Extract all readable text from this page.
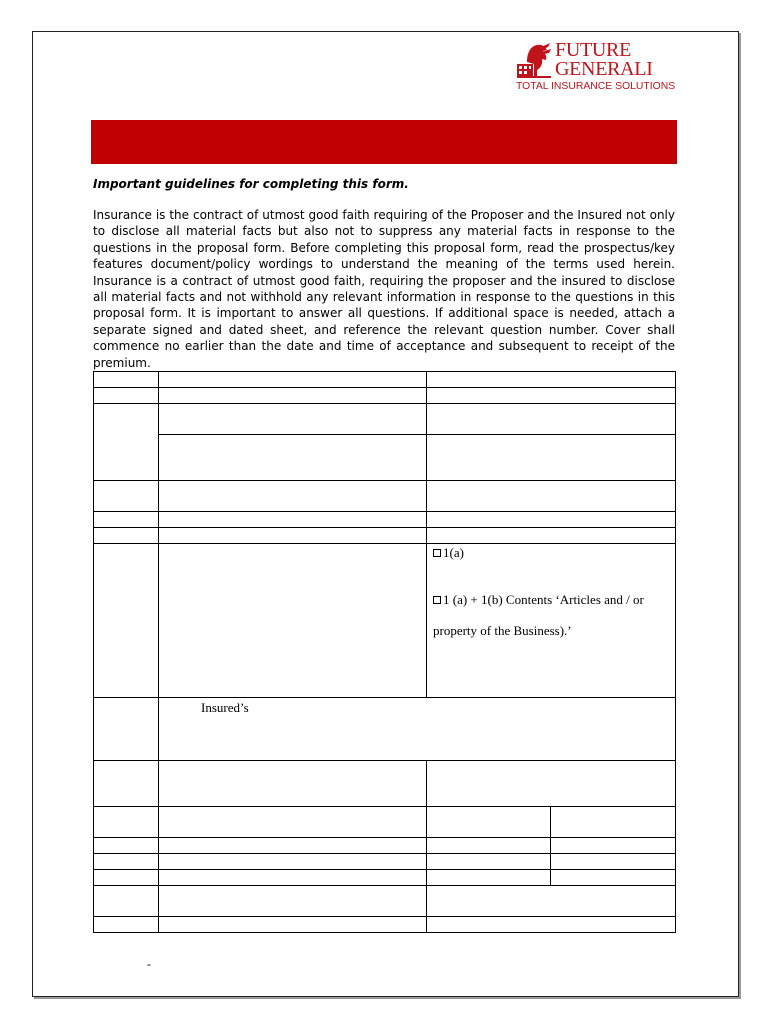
FUTURE
GENERALI
TOTAL INSURANCE SOLUTIONS
Important guidelines for completing this form.
Insurance is the contract of utmost good faith requiring of the Proposer and the Insured not only to disclose all material facts but also not to suppress any material facts in response to the questions in the proposal form. Before completing this proposal form, read the prospectus/key features document/policy wordings to understand the meaning of the terms used herein. Insurance is a contract of utmost good faith, requiring the proposer and the insured to disclose all material facts and not withhold any relevant information in response to the questions in this proposal form. It is important to answer all questions. If additional space is needed, attach a separate signed and dated sheet, and reference the relevant question number. Cover shall commence no earlier than the date and time of acceptance and subsequent to receipt of the premium.

1(a)
1 (a) + 1(b) Contents ‘Articles and / or
property of the Business).’
Insured’s
-
